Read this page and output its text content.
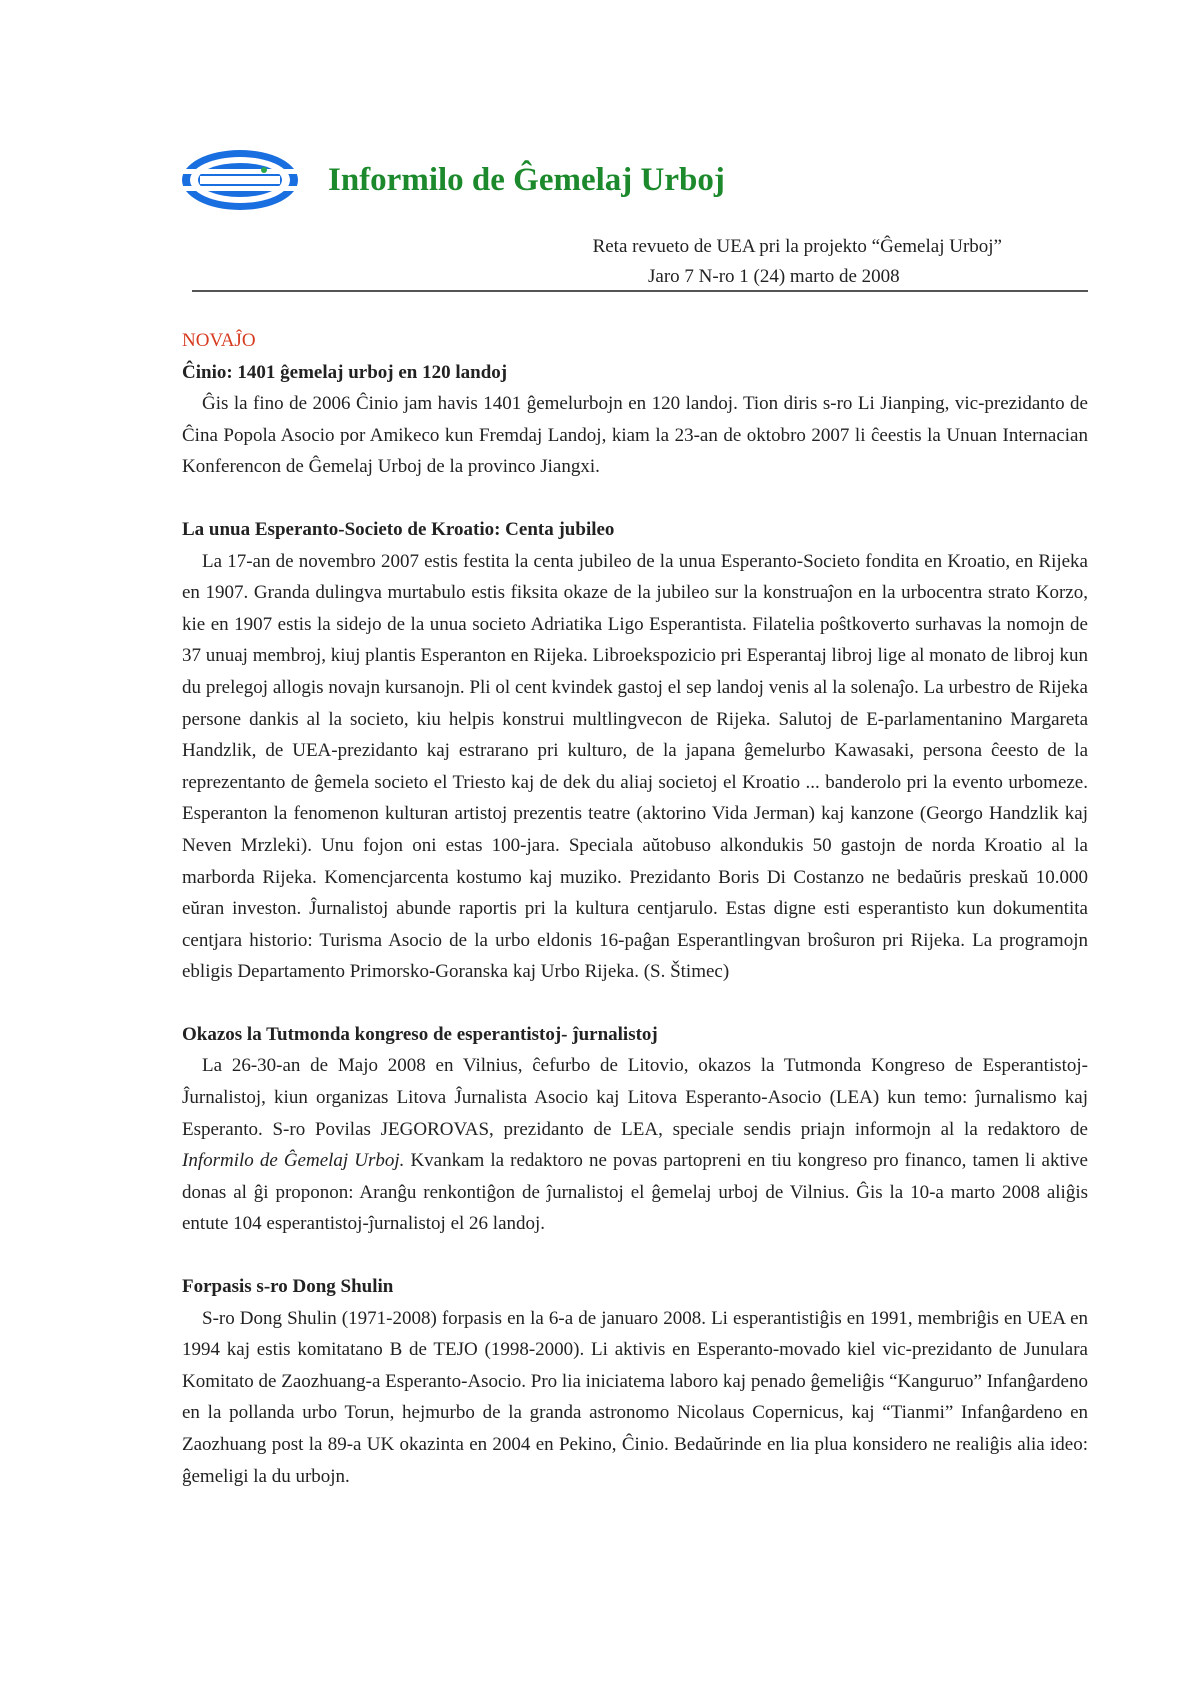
Informilo de Ĝemelaj Urboj
Reta revueto de UEA pri la projekto “Ĝemelaj Urboj”
Jaro 7 N-ro 1 (24) marto de 2008
NOVAĴO
Ĉinio: 1401 ĝemelaj urboj en 120 landoj

Ĝis la fino de 2006 Ĉinio jam havis 1401 ĝemelurbojn en 120 landoj. Tion diris s-ro Li Jianping, vic-prezidanto de Ĉina Popola Asocio por Amikeco kun Fremdaj Landoj, kiam la 23-an de oktobro 2007 li ĉeestis la Unuan Internacian Konferencon de Ĝemelaj Urboj de la provinco Jiangxi.

La unua Esperanto-Societo de Kroatio: Centa jubileo

La 17-an de novembro 2007 estis festita la centa jubileo de la unua Esperanto-Societo fondita en Kroatio, en Rijeka en 1907. Granda dulingva murtabulo estis fiksita okaze de la jubileo sur la konstruaĵon en la urbocentra strato Korzo, kie en 1907 estis la sidejo de la unua societo Adriatika Ligo Esperantista. Filatelia poŝtkoverto surhavas la nomojn de 37 unuaj membroj, kiuj plantis Esperanton en Rijeka. Libroekspozicio pri Esperantaj libroj lige al monato de libroj kun du prelegoj allogis novajn kursanojn. Pli ol cent kvindek gastoj el sep landoj venis al la solenaĵo. La urbestro de Rijeka persone dankis al la societo, kiu helpis konstrui multlingvecon de Rijeka. Salutoj de E-parlamentanino Margareta Handzlik, de UEA-prezidanto kaj estrarano pri kulturo, de la japana ĝemelurbo Kawasaki, persona ĉeesto de la reprezentanto de ĝemela societo el Triesto kaj de dek du aliaj societoj el Kroatio ... banderolo pri la evento urbomeze. Esperanton la fenomenon kulturan artistoj prezentis teatre (aktorino Vida Jerman) kaj kanzone (Georgo Handzlik kaj Neven Mrzleki). Unu fojon oni estas 100-jara. Speciala aŭtobuso alkondukis 50 gastojn de norda Kroatio al la marborda Rijeka. Komencjarcenta kostumo kaj muziko. Prezidanto Boris Di Costanzo ne bedaŭris preskaŭ 10.000 eŭran investon. Ĵurnalistoj abunde raportis pri la kultura centjarulo. Estas digne esti esperantisto kun dokumentita centjara historio: Turisma Asocio de la urbo eldonis 16-paĝan Esperantlingvan broŝuron pri Rijeka. La programojn ebligis Departamento Primorsko-Goranska kaj Urbo Rijeka. (S. Štimec)

Okazos la Tutmonda kongreso de esperantistoj- ĵurnalistoj

La 26-30-an de Majo 2008 en Vilnius, ĉefurbo de Litovio, okazos la Tutmonda Kongreso de Esperantistoj-Ĵurnalistoj, kiun organizas Litova Ĵurnalista Asocio kaj Litova Esperanto-Asocio (LEA) kun temo: ĵurnalismo kaj Esperanto. S-ro Povilas JEGOROVAS, prezidanto de LEA, speciale sendis priajn informojn al la redaktoro de Informilo de Ĝemelaj Urboj. Kvankam la redaktoro ne povas partopreni en tiu kongreso pro financo, tamen li aktive donas al ĝi proponon: Aranĝu renkontiĝon de ĵurnalistoj el ĝemelaj urboj de Vilnius. Ĝis la 10-a marto 2008 aliĝis entute 104 esperantistoj-ĵurnalistoj el 26 landoj.

Forpasis s-ro Dong Shulin

S-ro Dong Shulin (1971-2008) forpasis en la 6-a de januaro 2008. Li esperantistiĝis en 1991, membriĝis en UEA en 1994 kaj estis komitatano B de TEJO (1998-2000). Li aktivis en Esperanto-movado kiel vic-prezidanto de Junulara Komitato de Zaozhuang-a Esperanto-Asocio. Pro lia iniciatema laboro kaj penado ĝemeliĝis “Kanguruo” Infanĝardeno en la pollanda urbo Torun, hejmurbo de la granda astronomo Nicolaus Copernicus, kaj “Tianmi” Infanĝardeno en Zaozhuang post la 89-a UK okazinta en 2004 en Pekino, Ĉinio. Bedaŭrinde en lia plua konsidero ne realiĝis alia ideo: ĝemeligi la du urbojn.
